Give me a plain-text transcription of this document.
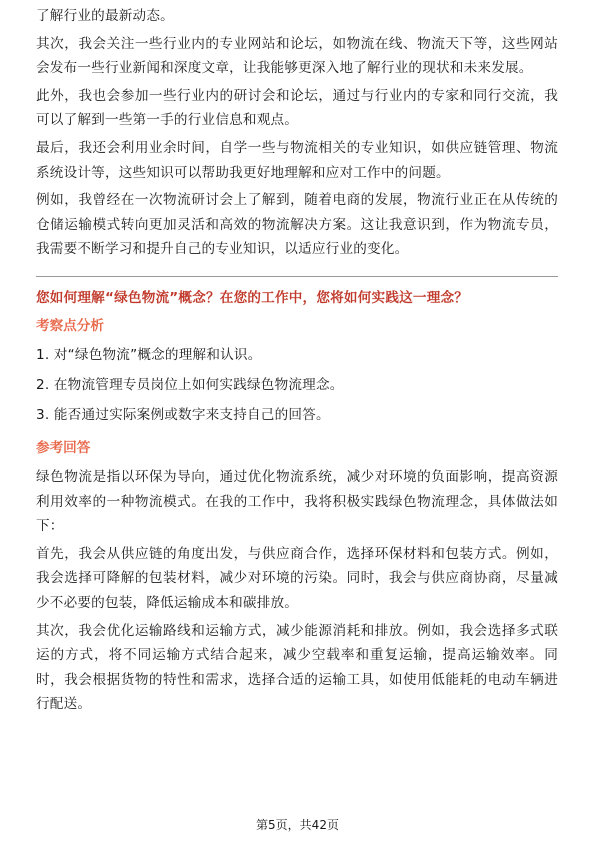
了解行业的最新动态。

其次，我会关注一些行业内的专业网站和论坛，如物流在线、物流天下等，这些网站会发布一些行业新闻和深度文章，让我能够更深入地了解行业的现状和未来发展。

此外，我也会参加一些行业内的研讨会和论坛，通过与行业内的专家和同行交流，我可以了解到一些第一手的行业信息和观点。

最后，我还会利用业余时间，自学一些与物流相关的专业知识，如供应链管理、物流系统设计等，这些知识可以帮助我更好地理解和应对工作中的问题。

例如，我曾经在一次物流研讨会上了解到，随着电商的发展，物流行业正在从传统的仓储运输模式转向更加灵活和高效的物流解决方案。这让我意识到，作为物流专员，我需要不断学习和提升自己的专业知识，以适应行业的变化。

您如何理解“绿色物流”概念？在您的工作中，您将如何实践这一理念？

考察点分析

1. 对“绿色物流”概念的理解和认识。

2. 在物流管理专员岗位上如何实践绿色物流理念。

3. 能否通过实际案例或数字来支持自己的回答。

参考回答

绿色物流是指以环保为导向，通过优化物流系统，减少对环境的负面影响，提高资源利用效率的一种物流模式。在我的工作中，我将积极实践绿色物流理念，具体做法如下：

首先，我会从供应链的角度出发，与供应商合作，选择环保材料和包装方式。例如，我会选择可降解的包装材料，减少对环境的污染。同时，我会与供应商协商，尽量减少不必要的包装，降低运输成本和碳排放。

其次，我会优化运输路线和运输方式，减少能源消耗和排放。例如，我会选择多式联运的方式，将不同运输方式结合起来，减少空载率和重复运输，提高运输效率。同时，我会根据货物的特性和需求，选择合适的运输工具，如使用低能耗的电动车辆进行配送。

第5页，共42页
